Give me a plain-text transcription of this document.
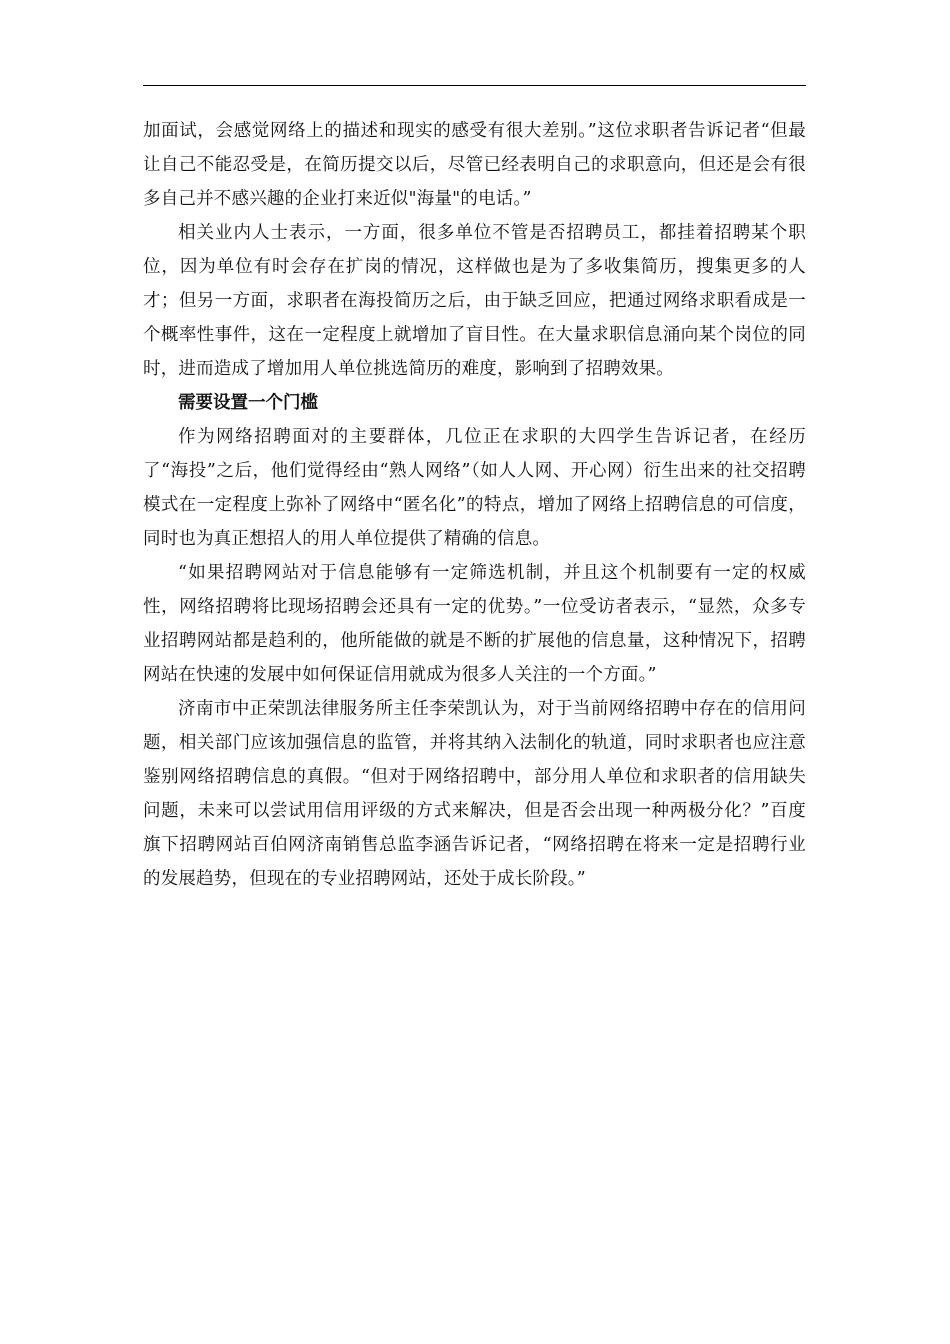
加面试，会感觉网络上的描述和现实的感受有很大差别。”这位求职者告诉记者“但最让自己不能忍受是，在简历提交以后，尽管已经表明自己的求职意向，但还是会有很多自己并不感兴趣的企业打来近似"海量"的电话。”

相关业内人士表示，一方面，很多单位不管是否招聘员工，都挂着招聘某个职位，因为单位有时会存在扩岗的情况，这样做也是为了多收集简历，搜集更多的人才；但另一方面，求职者在海投简历之后，由于缺乏回应，把通过网络求职看成是一个概率性事件，这在一定程度上就增加了盲目性。在大量求职信息涌向某个岗位的同时，进而造成了增加用人单位挑选简历的难度，影响到了招聘效果。

需要设置一个门槛

作为网络招聘面对的主要群体，几位正在求职的大四学生告诉记者，在经历了“海投”之后，他们觉得经由“熟人网络”（如人人网、开心网）衍生出来的社交招聘模式在一定程度上弥补了网络中“匿名化”的特点，增加了网络上招聘信息的可信度，同时也为真正想招人的用人单位提供了精确的信息。

“如果招聘网站对于信息能够有一定筛选机制，并且这个机制要有一定的权威性，网络招聘将比现场招聘会还具有一定的优势。”一位受访者表示，“显然，众多专业招聘网站都是趋利的，他所能做的就是不断的扩展他的信息量，这种情况下，招聘网站在快速的发展中如何保证信用就成为很多人关注的一个方面。”

济南市中正荣凯法律服务所主任李荣凯认为，对于当前网络招聘中存在的信用问题，相关部门应该加强信息的监管，并将其纳入法制化的轨道，同时求职者也应注意鉴别网络招聘信息的真假。“但对于网络招聘中，部分用人单位和求职者的信用缺失问题，未来可以尝试用信用评级的方式来解决，但是否会出现一种两极分化？”百度旗下招聘网站百伯网济南销售总监李涵告诉记者，“网络招聘在将来一定是招聘行业的发展趋势，但现在的专业招聘网站，还处于成长阶段。”
